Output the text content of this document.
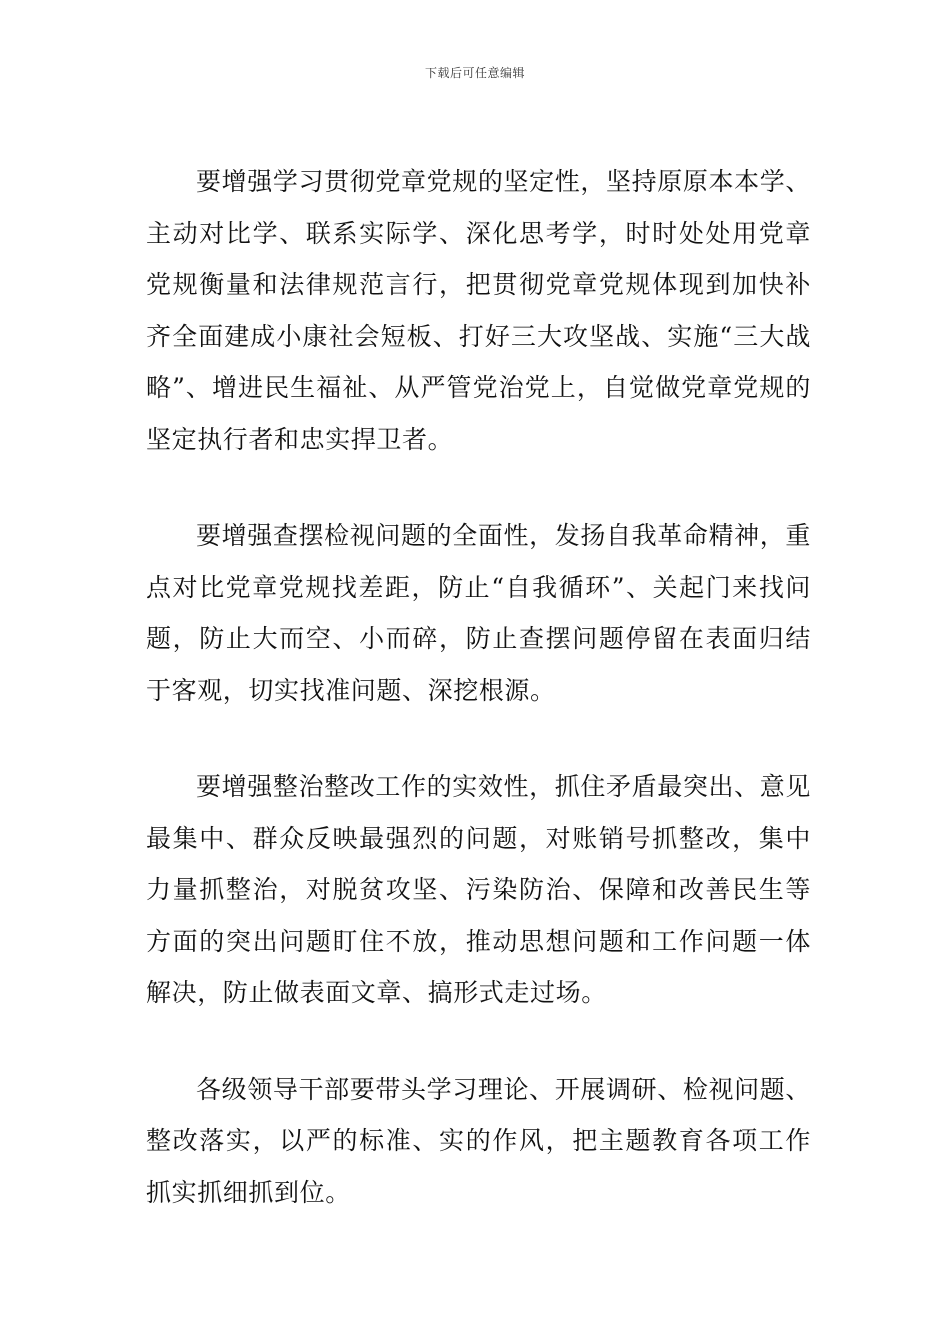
下载后可任意编辑

要增强学习贯彻党章党规的坚定性，坚持原原本本学、主动对比学、联系实际学、深化思考学，时时处处用党章党规衡量和法律规范言行，把贯彻党章党规体现到加快补齐全面建成小康社会短板、打好三大攻坚战、实施“三大战略”、增进民生福祉、从严管党治党上，自觉做党章党规的坚定执行者和忠实捍卫者。

要增强查摆检视问题的全面性，发扬自我革命精神，重点对比党章党规找差距，防止“自我循环”、关起门来找问题，防止大而空、小而碎，防止查摆问题停留在表面归结于客观，切实找准问题、深挖根源。

要增强整治整改工作的实效性，抓住矛盾最突出、意见最集中、群众反映最强烈的问题，对账销号抓整改，集中力量抓整治，对脱贫攻坚、污染防治、保障和改善民生等方面的突出问题盯住不放，推动思想问题和工作问题一体解决，防止做表面文章、搞形式走过场。

各级领导干部要带头学习理论、开展调研、检视问题、整改落实，以严的标准、实的作风，把主题教育各项工作抓实抓细抓到位。
